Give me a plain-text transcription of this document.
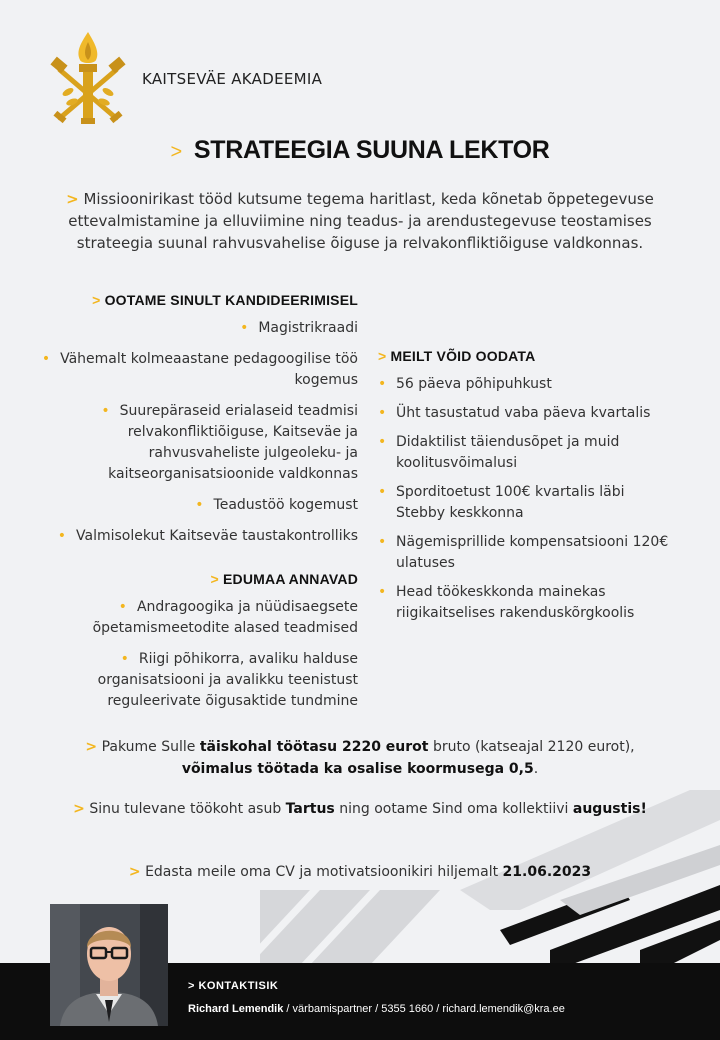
KAITSEVÄE AKADEEMIA
> STRATEEGIA SUUNA LEKTOR
> Missioonirikast tööd kutsume tegema haritlast, keda kõnetab õppetegevuse ettevalmistamine ja elluviimine ning teadus- ja arendustegevuse teostamises strateegia suunal rahvusvahelise õiguse ja relvakonfliktiõiguse valdkonnas.
> OOTAME SINULT KANDIDEERIMISEL
• Magistrikraadi
• Vähemalt kolmeaastane pedagoogilise töö kogemus
• Suurepäraseid erialaseid teadmisi relvakonfliktiõiguse, Kaitseväe ja rahvusvaheliste julgeoleku- ja kaitseorganisatsioonide valdkonnas
• Teadustöö kogemust
• Valmisolekut Kaitseväe taustakontrolliks
> EDUMAA ANNAVAD
• Andragoogika ja nüüdisaegsete õpetamismeetodite alased teadmised
• Riigi põhikorra, avaliku halduse organisatsiooni ja avalikku teenistust reguleerivate õigusaktide tundmine
> MEILT VÕID OODATA
• 56 päeva põhipuhkust
• Üht tasustatud vaba päeva kvartalis
• Didaktilist täiendusõpet ja muid koolitusvõimalusi
• Sporditoetust 100€ kvartalis läbi Stebby keskkonna
• Nägemisprillide kompensatsiooni 120€ ulatuses
• Head töökeskkonda mainekas riigikaitselises rakenduskõrgkoolis
> Pakume Sulle täiskohal töötasu 2220 eurot bruto (katseajal 2120 eurot), võimalus töötada ka osalise koormusega 0,5.
> Sinu tulevane töökoht asub Tartus ning ootame Sind oma kollektiivi augustis!
> Edasta meile oma CV ja motivatsioonikiri hiljemalt 21.06.2023
> KONTAKTISIK
Richard Lemendik / värbamispartner / 5355 1660 / richard.lemendik@kra.ee
